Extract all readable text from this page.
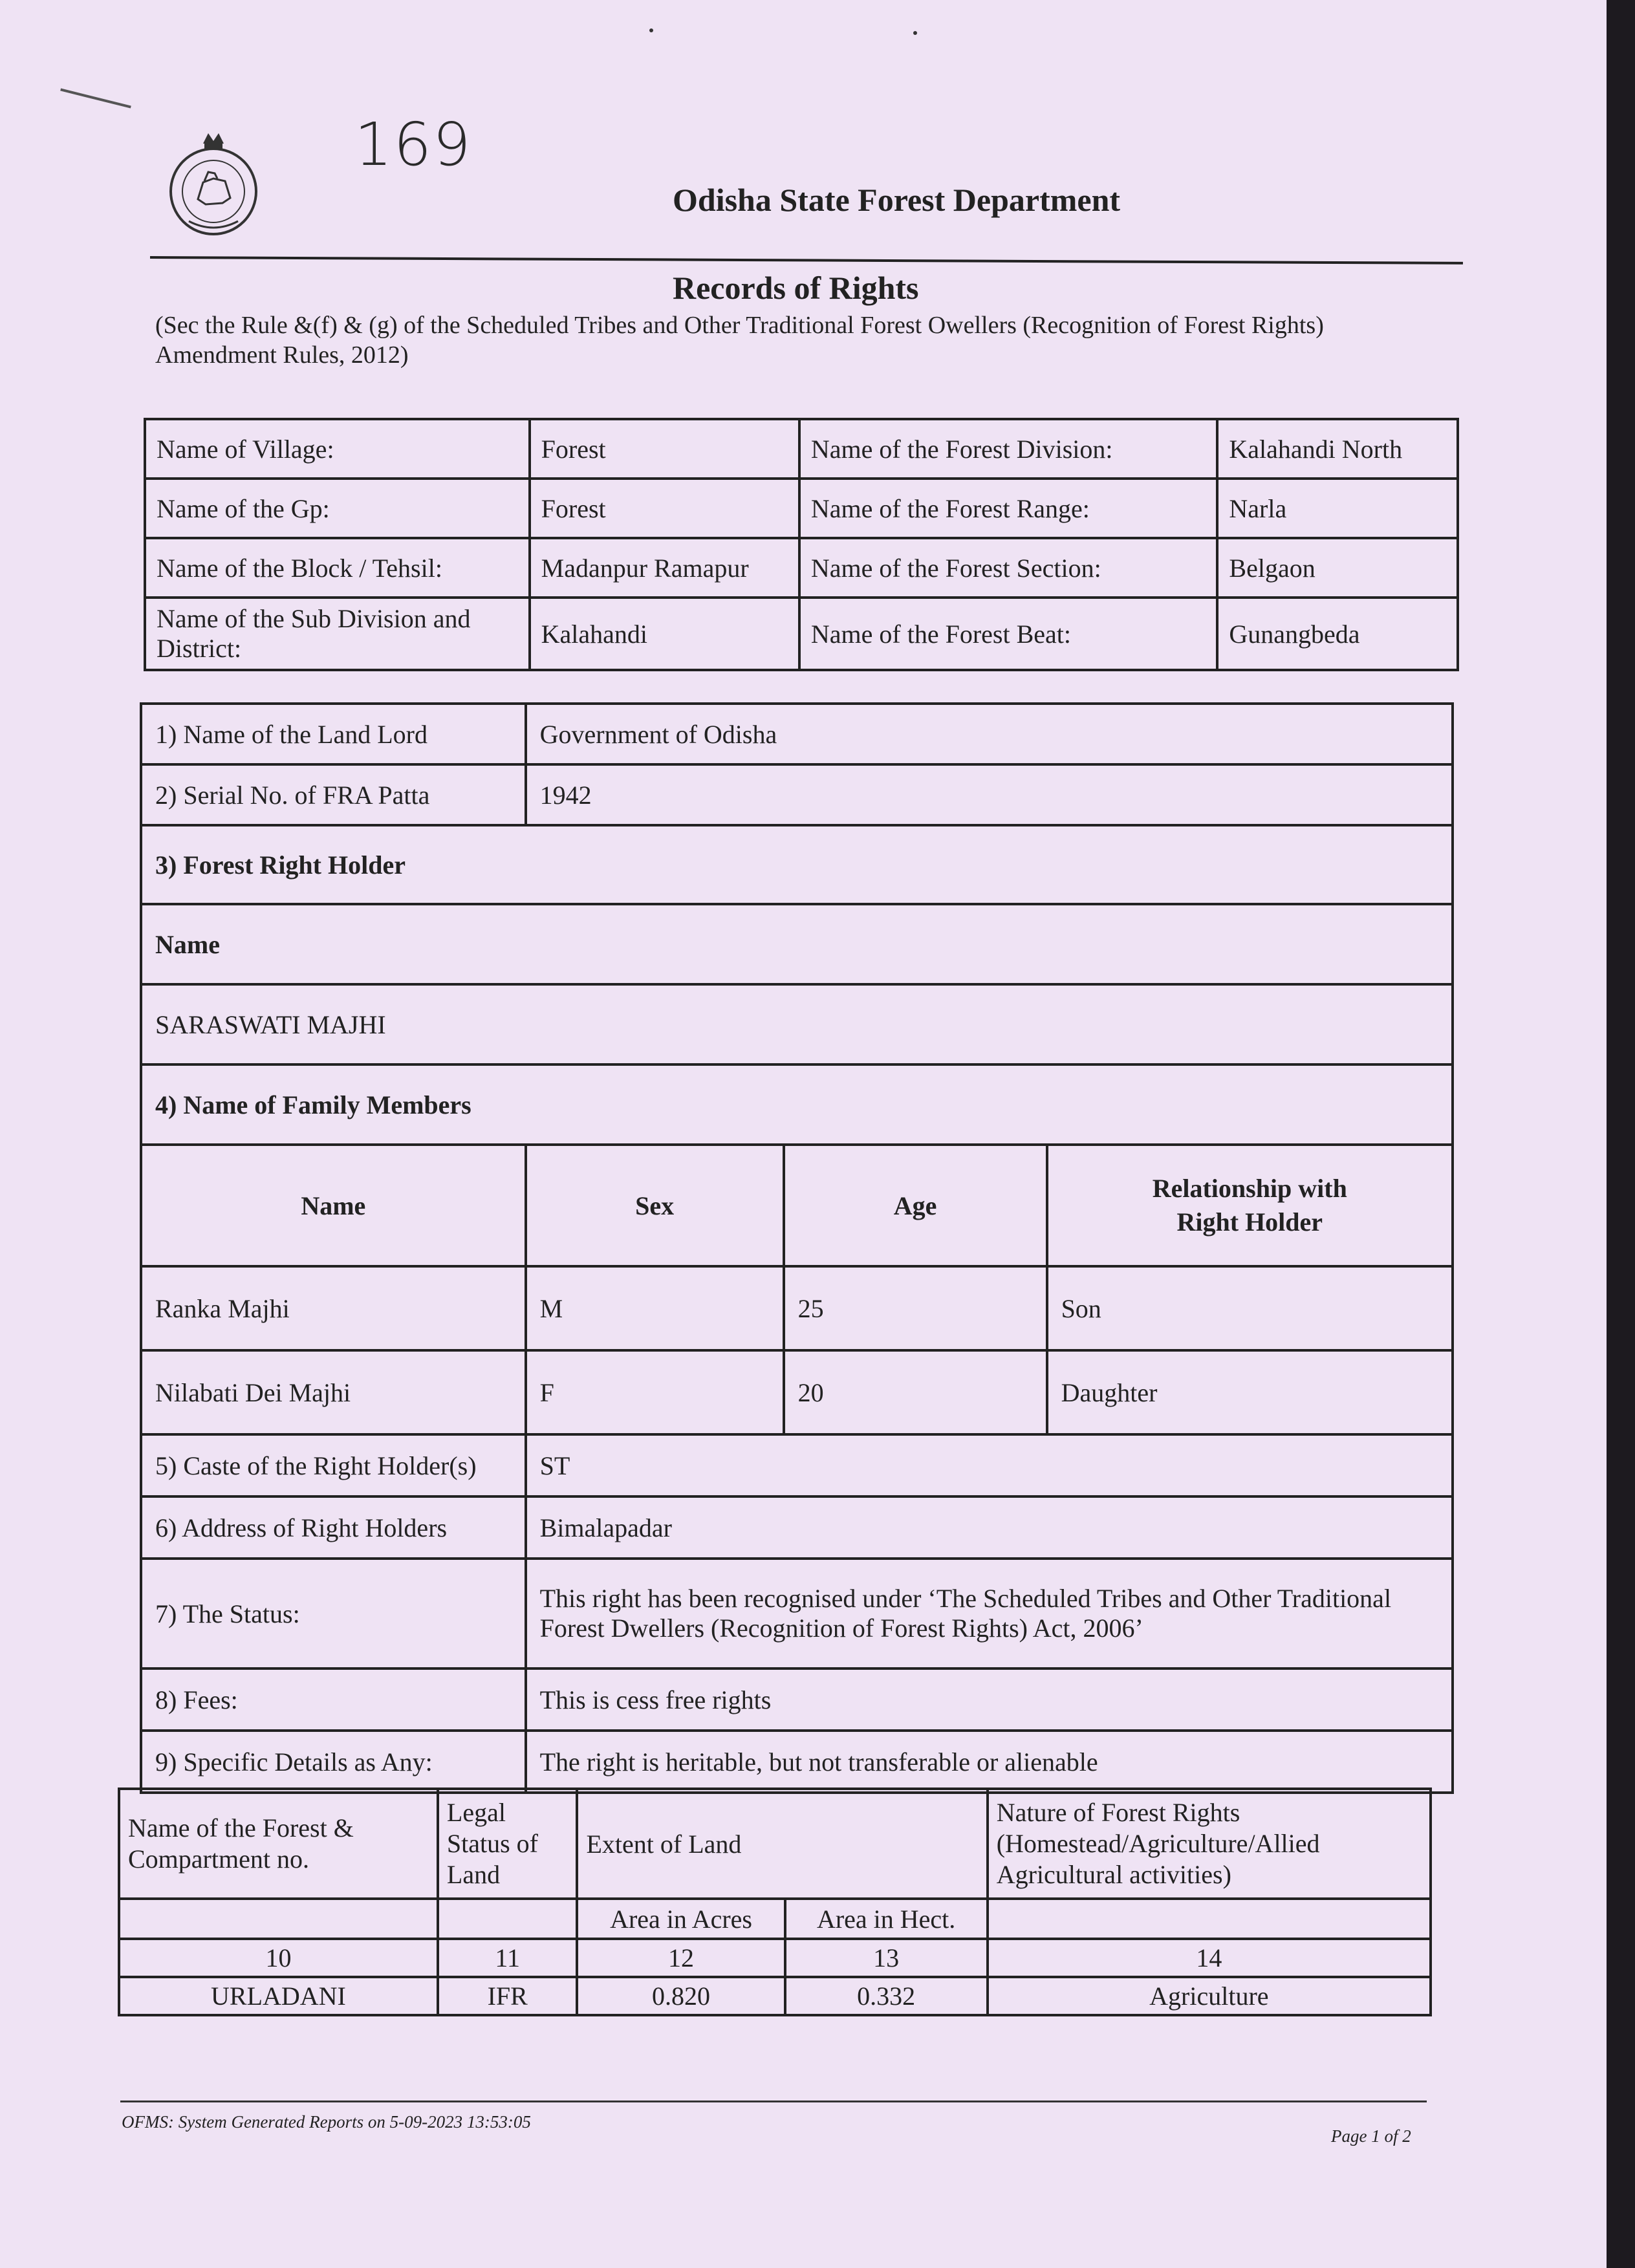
169
Odisha State Forest Department
Records of Rights
(Sec the Rule &(f) & (g) of the Scheduled Tribes and Other Traditional Forest Owellers (Recognition of Forest Rights) Amendment Rules, 2012)
Name of Village:	Forest	Name of the Forest Division:	Kalahandi North
Name of the Gp:	Forest	Name of the Forest Range:	Narla
Name of the Block / Tehsil:	Madanpur Ramapur	Name of the Forest Section:	Belgaon
Name of the Sub Division and District:	Kalahandi	Name of the Forest Beat:	Gunangbeda
1) Name of the Land Lord	Government of Odisha		
2) Serial No. of FRA Patta	1942		
3) Forest Right Holder			
Name			
SARASWATI MAJHI			
4) Name of Family Members			
Name	Sex	Age	Relationship with Right Holder
Ranka Majhi	M	25	Son
Nilabati Dei Majhi	F	20	Daughter
5) Caste of the Right Holder(s)	ST		
6) Address of Right Holders	Bimalapadar		
7) The Status:	This right has been recognised under ‘The Scheduled Tribes and Other Traditional
Forest Dwellers (Recognition of Forest Rights) Act, 2006’		

8) Fees:	This is cess free rights		
9) Specific Details as Any:	The right is heritable, but not transferable or alienable		
Name of the Forest & Compartment no.	Legal Status of Land	Extent of Land		Nature of Forest Rights (Homestead/Agriculture/Allied Agricultural activities)
		Area in Acres	Area in Hect.	
10	11	12	13	14
URLADANI	IFR	0.820	0.332	Agriculture
OFMS: System Generated Reports on 5-09-2023 13:53:05
Page 1 of 2
